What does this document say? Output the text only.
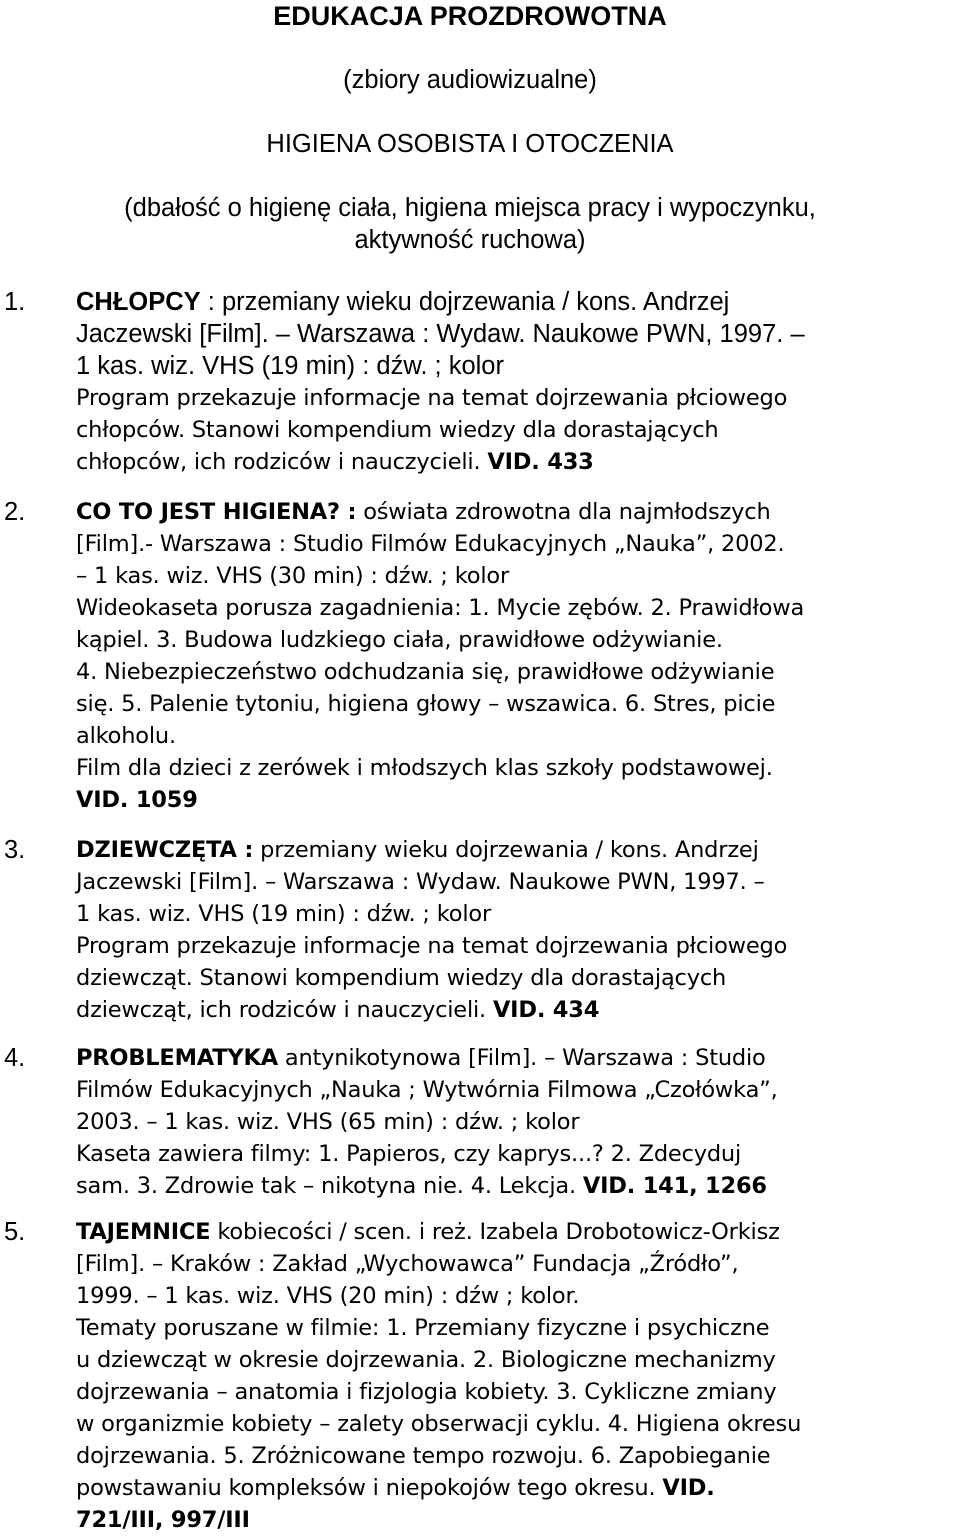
EDUKACJA PROZDROWOTNA
(zbiory audiowizualne)
HIGIENA OSOBISTA I OTOCZENIA
(dbałość o higienę ciała, higiena miejsca pracy i wypoczynku,
aktywność ruchowa)
1. CHŁOPCY : przemiany wieku dojrzewania / kons. Andrzej
Jaczewski [Film]. – Warszawa : Wydaw. Naukowe PWN, 1997. –
1 kas. wiz. VHS (19 min) : dźw. ; kolor
Program przekazuje informacje na temat dojrzewania płciowego
chłopców. Stanowi kompendium wiedzy dla dorastających
chłopców, ich rodziców i nauczycieli. VID. 433
2. CO TO JEST HIGIENA? : oświata zdrowotna dla najmłodszych
[Film].- Warszawa : Studio Filmów Edukacyjnych „Nauka”, 2002.
– 1 kas. wiz. VHS (30 min) : dźw. ; kolor
Wideokaseta porusza zagadnienia: 1. Mycie zębów. 2. Prawidłowa
kąpiel. 3. Budowa ludzkiego ciała, prawidłowe odżywianie.
4. Niebezpieczeństwo odchudzania się, prawidłowe odżywianie
się. 5. Palenie tytoniu, higiena głowy – wszawica. 6. Stres, picie
alkoholu.
Film dla dzieci z zerówek i młodszych klas szkoły podstawowej.
VID. 1059
3. DZIEWCZĘTA : przemiany wieku dojrzewania / kons. Andrzej
Jaczewski [Film]. – Warszawa : Wydaw. Naukowe PWN, 1997. –
1 kas. wiz. VHS (19 min) : dźw. ; kolor
Program przekazuje informacje na temat dojrzewania płciowego
dziewcząt. Stanowi kompendium wiedzy dla dorastających
dziewcząt, ich rodziców i nauczycieli. VID. 434
4. PROBLEMATYKA antynikotynowa [Film]. – Warszawa : Studio
Filmów Edukacyjnych „Nauka ; Wytwórnia Filmowa „Czołówka”,
2003. – 1 kas. wiz. VHS (65 min) : dźw. ; kolor
Kaseta zawiera filmy: 1. Papieros, czy kaprys...? 2. Zdecyduj
sam. 3. Zdrowie tak – nikotyna nie. 4. Lekcja. VID. 141, 1266
5. TAJEMNICE kobiecości / scen. i reż. Izabela Drobotowicz-Orkisz
[Film]. – Kraków : Zakład „Wychowawca” Fundacja „Źródło”,
1999. – 1 kas. wiz. VHS (20 min) : dźw ; kolor.
Tematy poruszane w filmie: 1. Przemiany fizyczne i psychiczne
u dziewcząt w okresie dojrzewania. 2. Biologiczne mechanizmy
dojrzewania – anatomia i fizjologia kobiety. 3. Cykliczne zmiany
w organizmie kobiety – zalety obserwacji cyklu. 4. Higiena okresu
dojrzewania. 5. Zróżnicowane tempo rozwoju. 6. Zapobieganie
powstawaniu kompleksów i niepokojów tego okresu. VID.
721/III, 997/III
